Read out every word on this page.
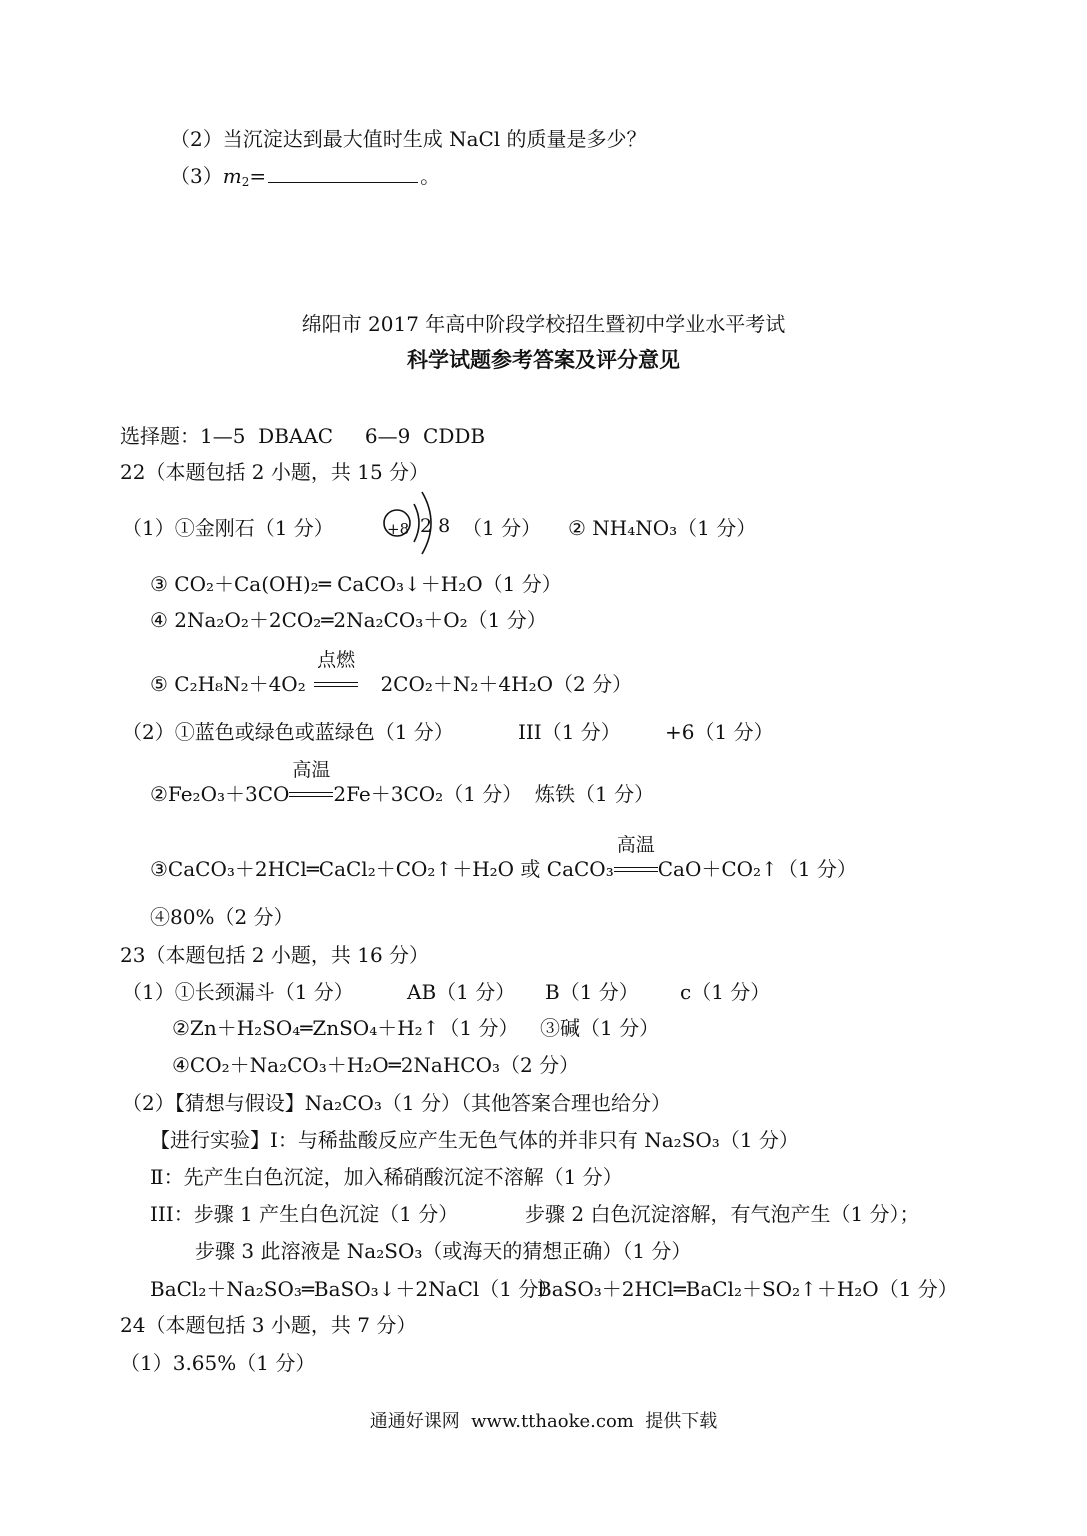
（2）当沉淀达到最大值时生成 NaCl 的质量是多少？
$(3)m_2=$	。
绵阳市 2017 年高中阶段学校招生暨初中学业水平考试
科学试题参考答案及评分意见
选择题：1—5  DBAAC     6—9  CDDB
22（本题包括 2 小题，共 15 分）
（1）①金刚石（1 分）	+8 2 8 （1 分） ② NH₄NO₃（1 分）
③ CO₂＋Ca(OH)₂═ CaCO₃↓＋H₂O（1 分）
④ 2Na₂O₂＋2CO₂═2Na₂CO₃＋O₂（1 分）
⑤ C₂H₈N₂＋4O₂
点燃
2CO₂＋N₂＋4H₂O（2 分）
（2）①蓝色或绿色或蓝绿色（1 分）	III（1 分） +6（1 分）
②Fe₂O₃＋3CO
高温
2Fe＋3CO₂（1 分） 炼铁（1 分）
③CaCO₃＋2HCl═CaCl₂＋CO₂↑＋H₂O 或 CaCO₃
高温
CaO＋CO₂↑（1 分）
④80%（2 分）
23（本题包括 2 小题，共 16 分）
（1）①长颈漏斗（1 分）	AB（1 分） B（1 分） c（1 分）
②Zn＋H₂SO₄═ZnSO₄＋H₂↑（1 分） ③碱（1 分）
④CO₂＋Na₂CO₃＋H₂O═2NaHCO₃（2 分）
（2）【猜想与假设】Na₂CO₃（1 分）（其他答案合理也给分）
【进行实验】Ⅰ：与稀盐酸反应产生无色气体的并非只有 Na₂SO₃（1 分）
Ⅱ：先产生白色沉淀，加入稀硝酸沉淀不溶解（1 分）
III：步骤 1 产生白色沉淀（1 分）	步骤 2 白色沉淀溶解，有气泡产生（1 分）；
步骤 3 此溶液是 Na₂SO₃（或海天的猜想正确）（1 分）
BaCl₂＋Na₂SO₃═BaSO₃↓＋2NaCl（1 分）
BaSO₃＋2HCl═BaCl₂＋SO₂↑＋H₂O（1 分）
24（本题包括 3 小题，共 7 分）
（1）3.65%（1 分）
通通好课网  www.tthaoke.com  提供下载
